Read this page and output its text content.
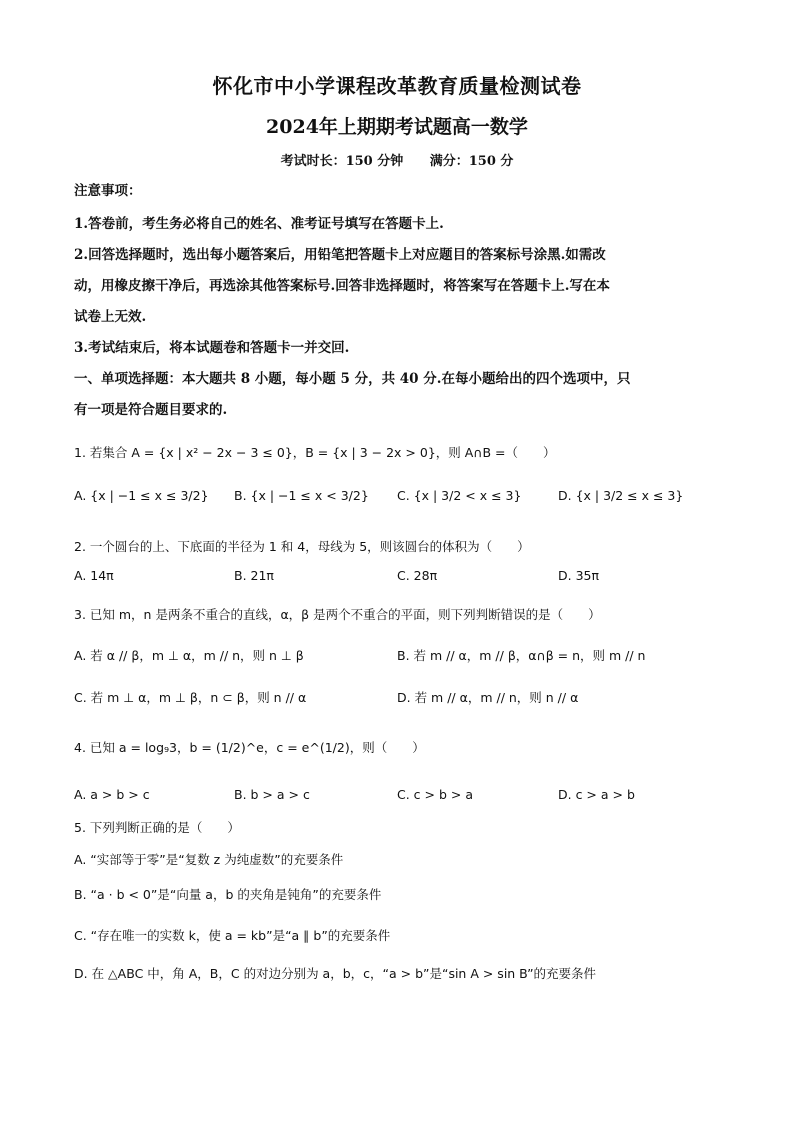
怀化市中小学课程改革教育质量检测试卷
2024年上期期考试题高一数学
考试时长：150 分钟 满分：150 分
注意事项：
1.答卷前，考生务必将自己的姓名、准考证号填写在答题卡上.
2.回答选择题时，选出每小题答案后，用铅笔把答题卡上对应题目的答案标号涂黑.如需改
动，用橡皮擦干净后，再选涂其他答案标号.回答非选择题时，将答案写在答题卡上.写在本
试卷上无效.
3.考试结束后，将本试题卷和答题卡一并交回.
一、单项选择题：本大题共 8 小题，每小题 5 分，共 40 分.在每小题给出的四个选项中，只
有一项是符合题目要求的.
1. 若集合 A = {x | x² − 2x − 3 ≤ 0}，B = {x | 3 − 2x > 0}，则 A∩B =（　　）
A. {x | −1 ≤ x ≤ 3/2} B. {x | −1 ≤ x < 3/2} C. {x | 3/2 < x ≤ 3}	D. {x | 3/2 ≤ x ≤ 3}
2. 一个圆台的上、下底面的半径为 1 和 4，母线为 5，则该圆台的体积为（　　）
A. 14π	B. 21π	C. 28π	D. 35π
3. 已知 m，n 是两条不重合的直线，α，β 是两个不重合的平面，则下列判断错误的是（　　）
A. 若 α // β，m ⊥ α，m // n，则 n ⊥ β	B. 若 m // α，m // β，α∩β = n，则 m // n
C. 若 m ⊥ α，m ⊥ β，n ⊂ β，则 n // α	D. 若 m // α，m // n，则 n // α
4. 已知 a = log₉3，b = (1/2)^e，c = e^(1/2)，则（　　）
A. a > b > c	B. b > a > c	C. c > b > a	D. c > a > b
5. 下列判断正确的是（　　）
A. “实部等于零”是“复数 z 为纯虚数”的充要条件
B. “a · b < 0”是“向量 a，b 的夹角是钝角”的充要条件
C. “存在唯一的实数 k，使 a = kb”是“a ∥ b”的充要条件
D. 在 △ABC 中，角 A，B，C 的对边分别为 a，b，c，“a > b”是“sin A > sin B”的充要条件
